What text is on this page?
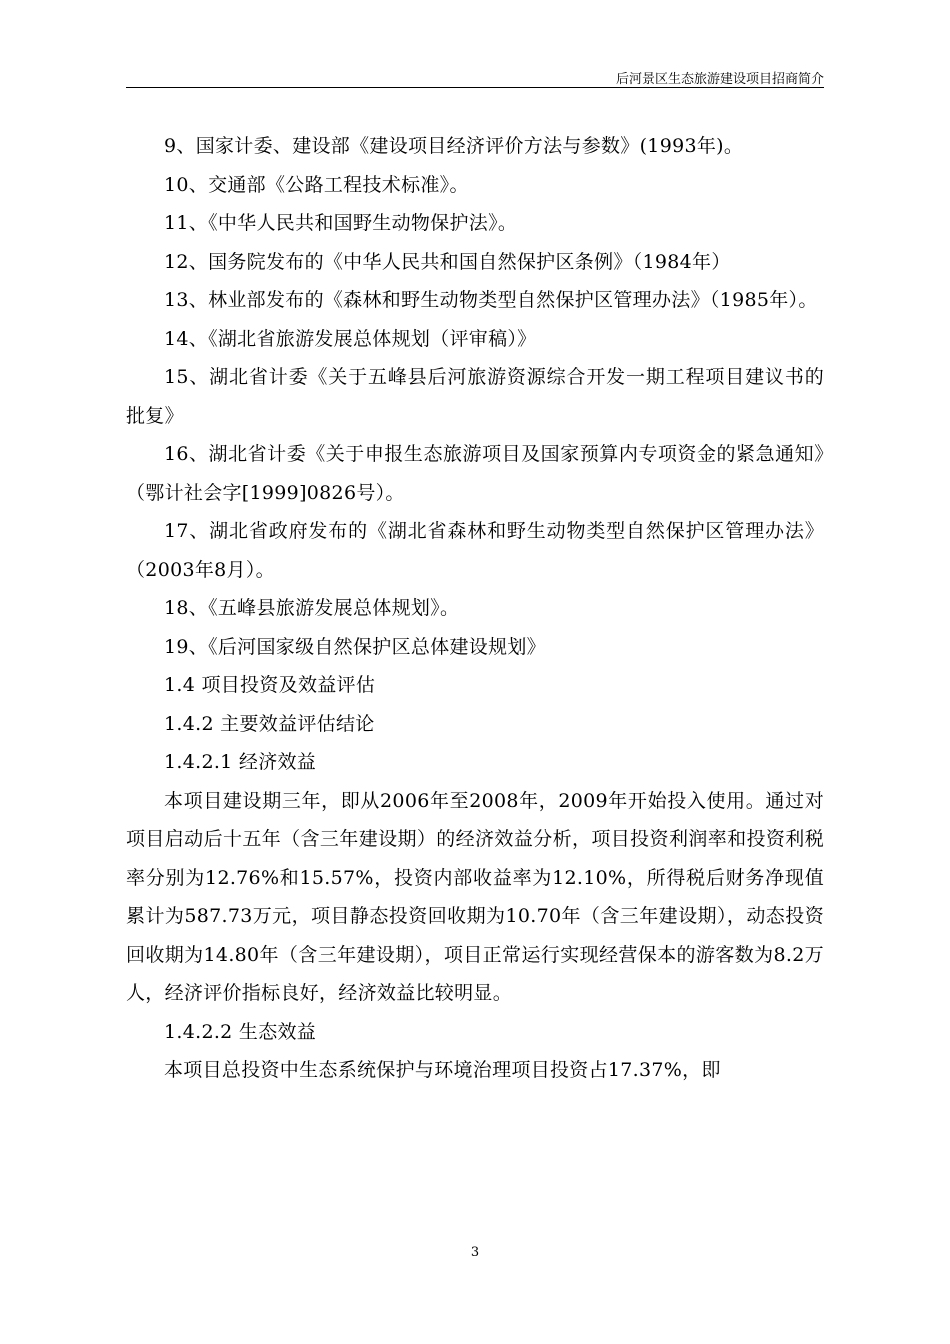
后河景区生态旅游建设项目招商简介

9、国家计委、建设部《建设项目经济评价方法与参数》(1993年)。

10、交通部《公路工程技术标准》。

11、《中华人民共和国野生动物保护法》。

12、国务院发布的《中华人民共和国自然保护区条例》（1984年）

13、林业部发布的《森林和野生动物类型自然保护区管理办法》（1985年）。

14、《湖北省旅游发展总体规划（评审稿）》

15、湖北省计委《关于五峰县后河旅游资源综合开发一期工程项目建议书的批复》

16、湖北省计委《关于申报生态旅游项目及国家预算内专项资金的紧急通知》（鄂计社会字[1999]0826号）。

17、湖北省政府发布的《湖北省森林和野生动物类型自然保护区管理办法》（2003年8月）。

18、《五峰县旅游发展总体规划》。

19、《后河国家级自然保护区总体建设规划》

1.4 项目投资及效益评估

1.4.2 主要效益评估结论

1.4.2.1 经济效益

本项目建设期三年，即从2006年至2008年，2009年开始投入使用。通过对项目启动后十五年（含三年建设期）的经济效益分析，项目投资利润率和投资利税率分别为12.76%和15.57%，投资内部收益率为12.10%，所得税后财务净现值累计为587.73万元，项目静态投资回收期为10.70年（含三年建设期），动态投资回收期为14.80年（含三年建设期），项目正常运行实现经营保本的游客数为8.2万人，经济评价指标良好，经济效益比较明显。

1.4.2.2 生态效益

本项目总投资中生态系统保护与环境治理项目投资占17.37%，即

3
